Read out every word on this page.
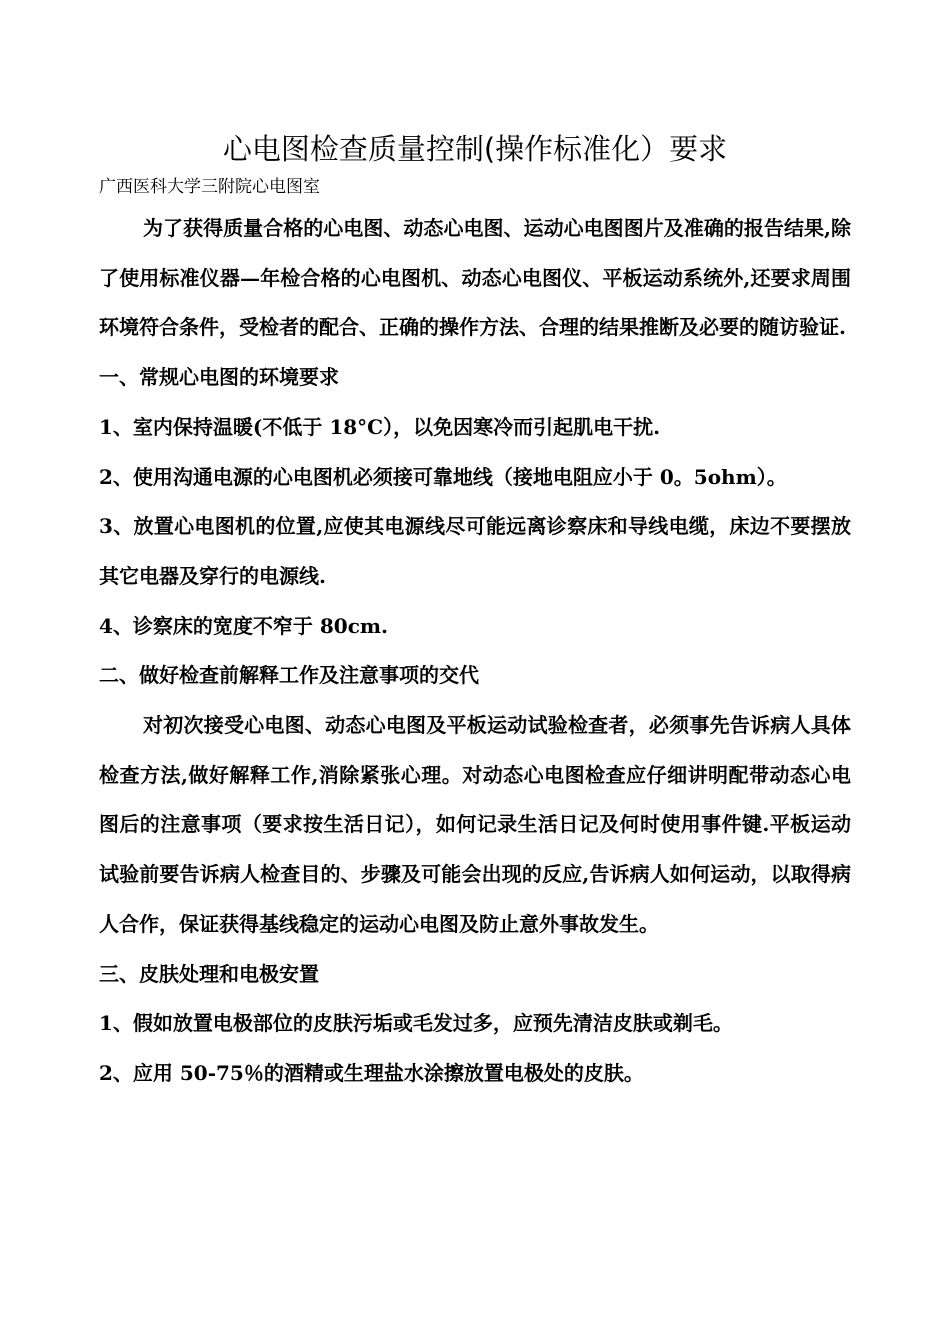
心电图检查质量控制(操作标准化）要求
广西医科大学三附院心电图室

为了获得质量合格的心电图、动态心电图、运动心电图图片及准确的报告结果,除了使用标准仪器—年检合格的心电图机、动态心电图仪、平板运动系统外,还要求周围环境符合条件，受检者的配合、正确的操作方法、合理的结果推断及必要的随访验证.

一、常规心电图的环境要求

1、室内保持温暖(不低于 18°C），以免因寒冷而引起肌电干扰.

2、使用沟通电源的心电图机必须接可靠地线（接地电阻应小于 0。5ohm）。

3、放置心电图机的位置,应使其电源线尽可能远离诊察床和导线电缆，床边不要摆放其它电器及穿行的电源线.

4、诊察床的宽度不窄于 80cm.

二、做好检查前解释工作及注意事项的交代

对初次接受心电图、动态心电图及平板运动试验检查者，必须事先告诉病人具体检查方法,做好解释工作,消除紧张心理。对动态心电图检查应仔细讲明配带动态心电图后的注意事项（要求按生活日记），如何记录生活日记及何时使用事件键.平板运动试验前要告诉病人检查目的、步骤及可能会出现的反应,告诉病人如何运动，以取得病人合作，保证获得基线稳定的运动心电图及防止意外事故发生。

三、皮肤处理和电极安置

1、假如放置电极部位的皮肤污垢或毛发过多，应预先清洁皮肤或剃毛。

2、应用 50-75％的酒精或生理盐水涂擦放置电极处的皮肤。
